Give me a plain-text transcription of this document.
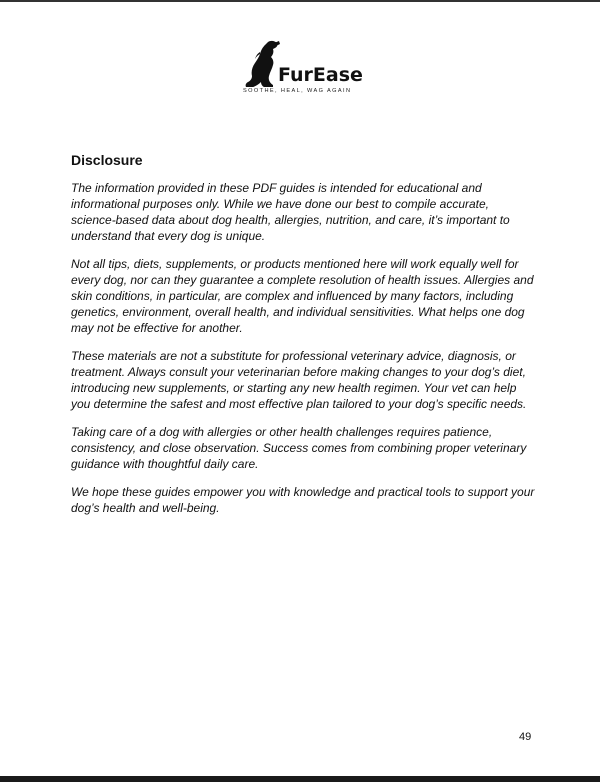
FurEase
SOOTHE, HEAL, WAG AGAIN
Disclosure

The information provided in these PDF guides is intended for educational and
informational purposes only. While we have done our best to compile accurate,
science-based data about dog health, allergies, nutrition, and care, it’s important to
understand that every dog is unique.

Not all tips, diets, supplements, or products mentioned here will work equally well for
every dog, nor can they guarantee a complete resolution of health issues. Allergies and
skin conditions, in particular, are complex and influenced by many factors, including
genetics, environment, overall health, and individual sensitivities. What helps one dog
may not be effective for another.

These materials are not a substitute for professional veterinary advice, diagnosis, or
treatment. Always consult your veterinarian before making changes to your dog’s diet,
introducing new supplements, or starting any new health regimen. Your vet can help
you determine the safest and most effective plan tailored to your dog’s specific needs.

Taking care of a dog with allergies or other health challenges requires patience,
consistency, and close observation. Success comes from combining proper veterinary
guidance with thoughtful daily care.

We hope these guides empower you with knowledge and practical tools to support your
dog’s health and well-being.

49
